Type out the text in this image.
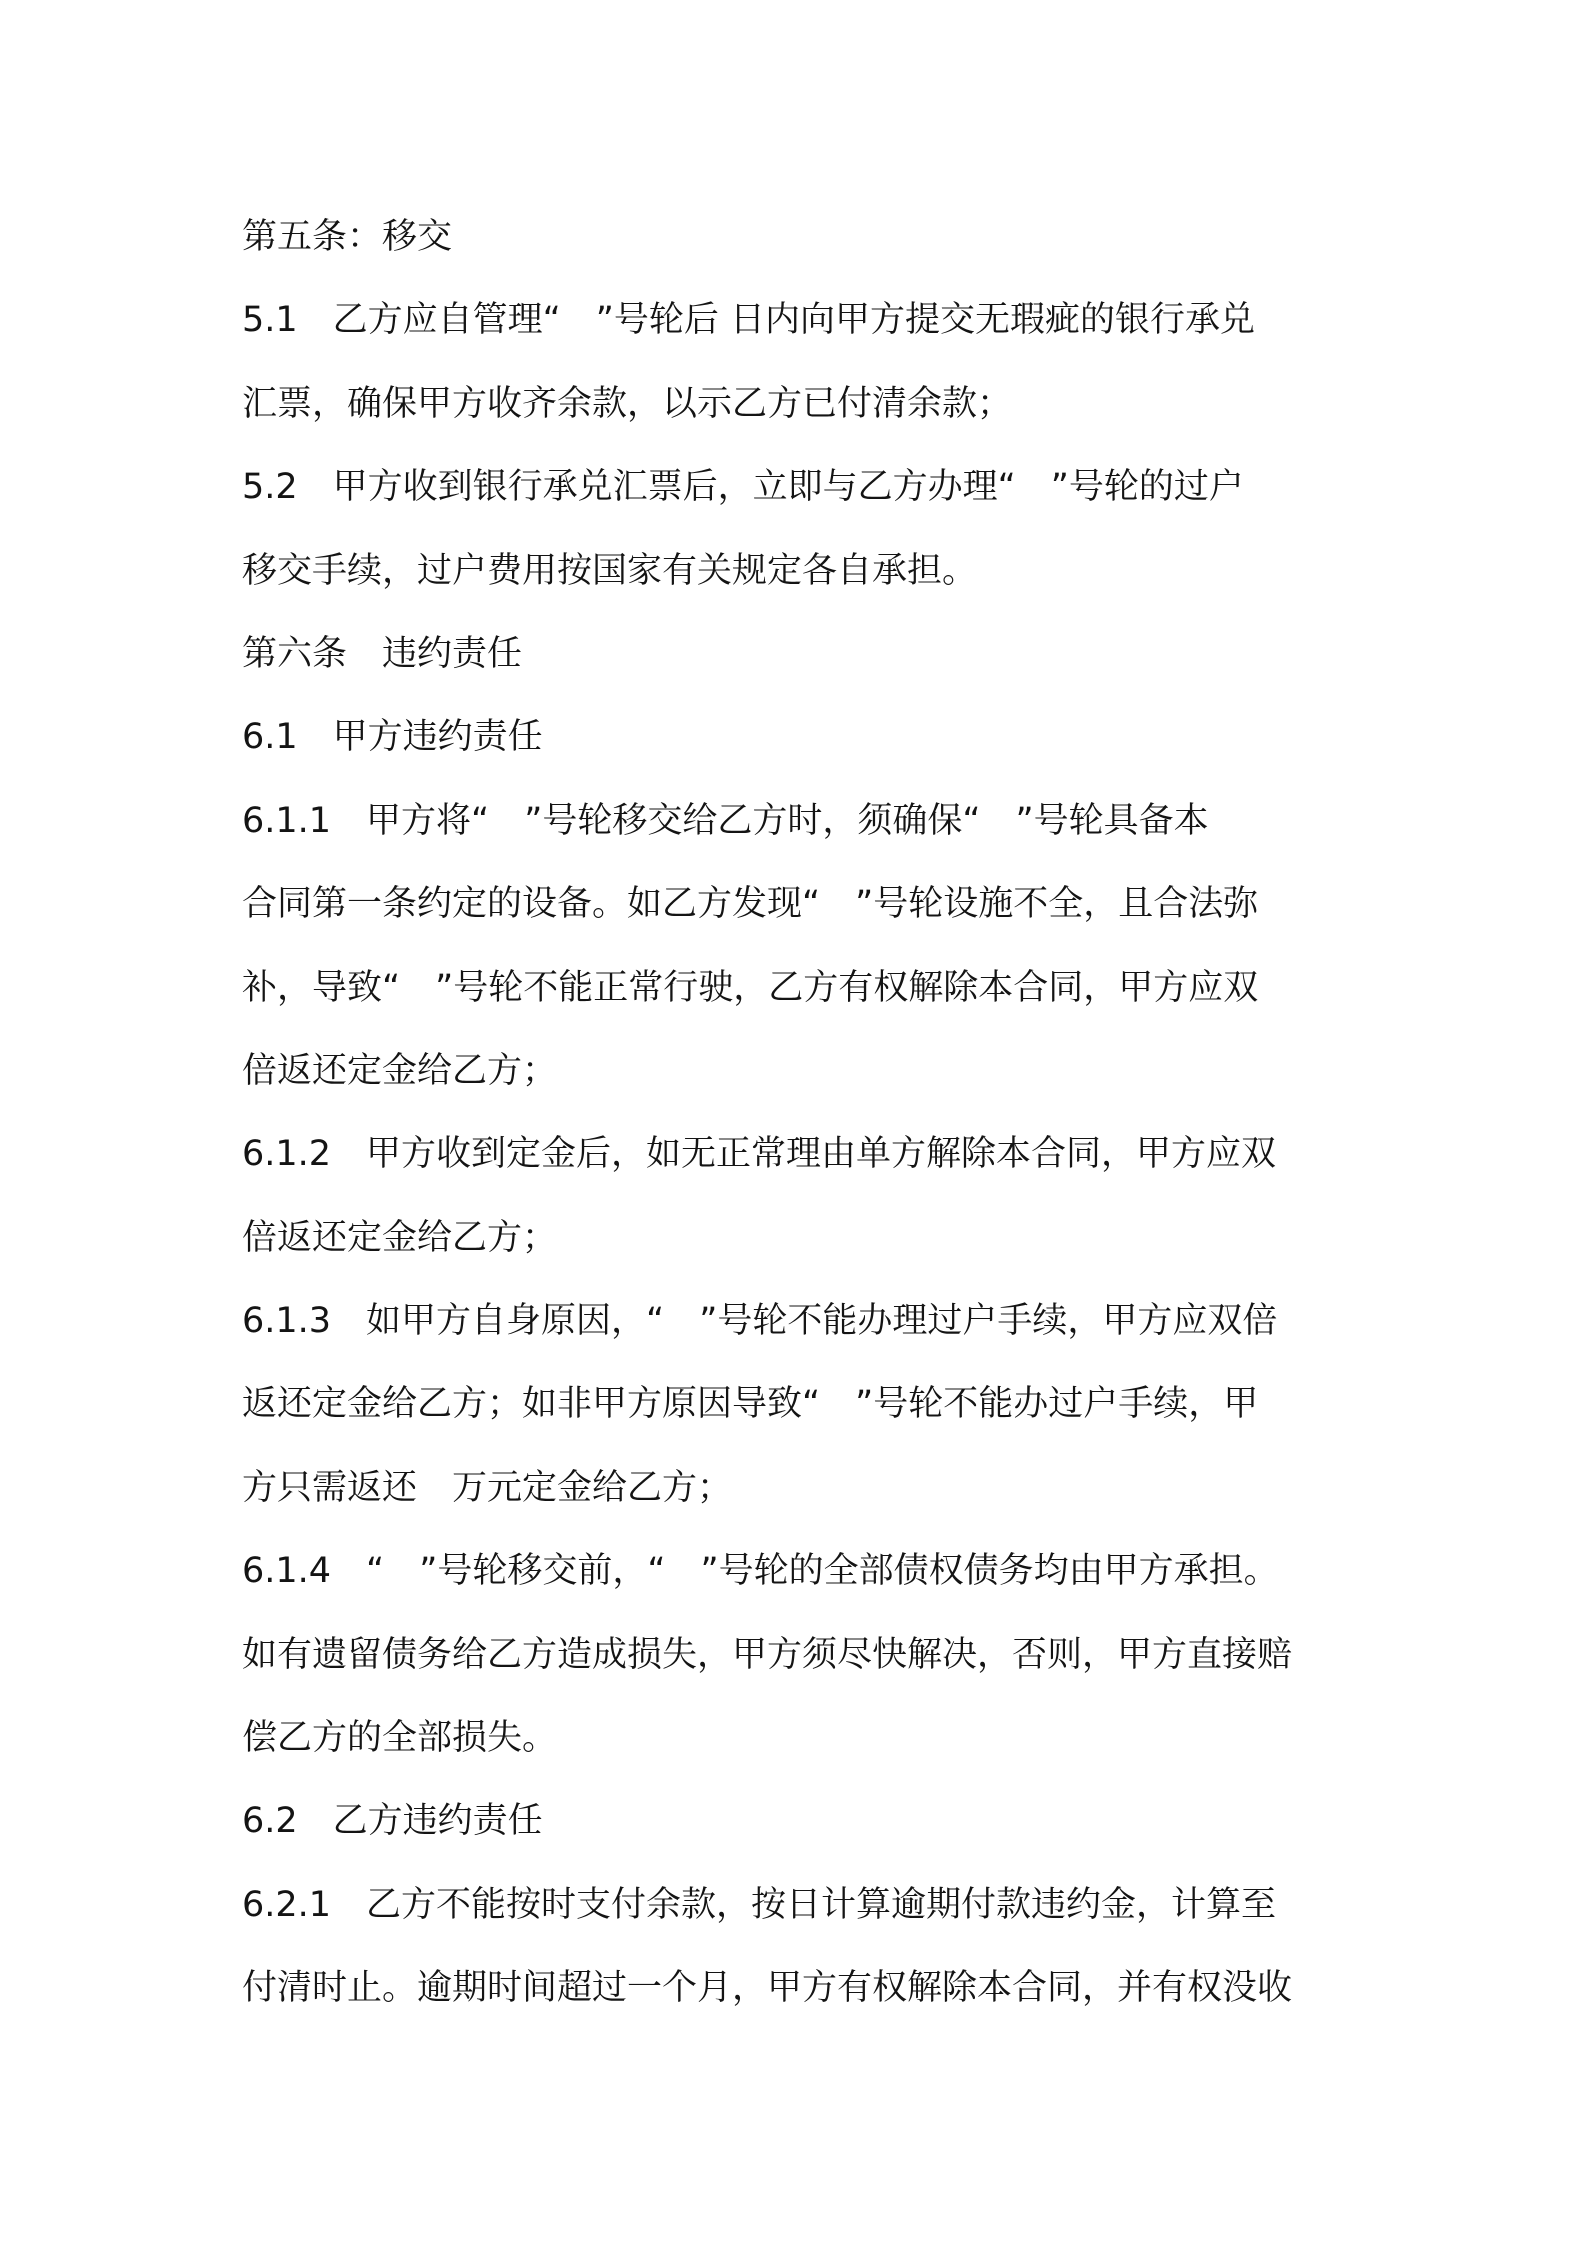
第五条：移交
5.1　乙方应自管理“　”号轮后 日内向甲方提交无瑕疵的银行承兑
汇票，确保甲方收齐余款，以示乙方已付清余款；
5.2　甲方收到银行承兑汇票后，立即与乙方办理“　”号轮的过户
移交手续，过户费用按国家有关规定各自承担。
第六条　违约责任
6.1　甲方违约责任
6.1.1　甲方将“　”号轮移交给乙方时，须确保“　”号轮具备本
合同第一条约定的设备。如乙方发现“　”号轮设施不全，且合法弥
补，导致“　”号轮不能正常行驶，乙方有权解除本合同，甲方应双
倍返还定金给乙方；
6.1.2　甲方收到定金后，如无正常理由单方解除本合同，甲方应双
倍返还定金给乙方；
6.1.3　如甲方自身原因，“　”号轮不能办理过户手续，甲方应双倍
返还定金给乙方；如非甲方原因导致“　”号轮不能办过户手续，甲
方只需返还　万元定金给乙方；
6.1.4　“　”号轮移交前，“　”号轮的全部债权债务均由甲方承担。
如有遗留债务给乙方造成损失，甲方须尽快解决，否则，甲方直接赔
偿乙方的全部损失。
6.2　乙方违约责任
6.2.1　乙方不能按时支付余款，按日计算逾期付款违约金，计算至
付清时止。逾期时间超过一个月，甲方有权解除本合同，并有权没收
